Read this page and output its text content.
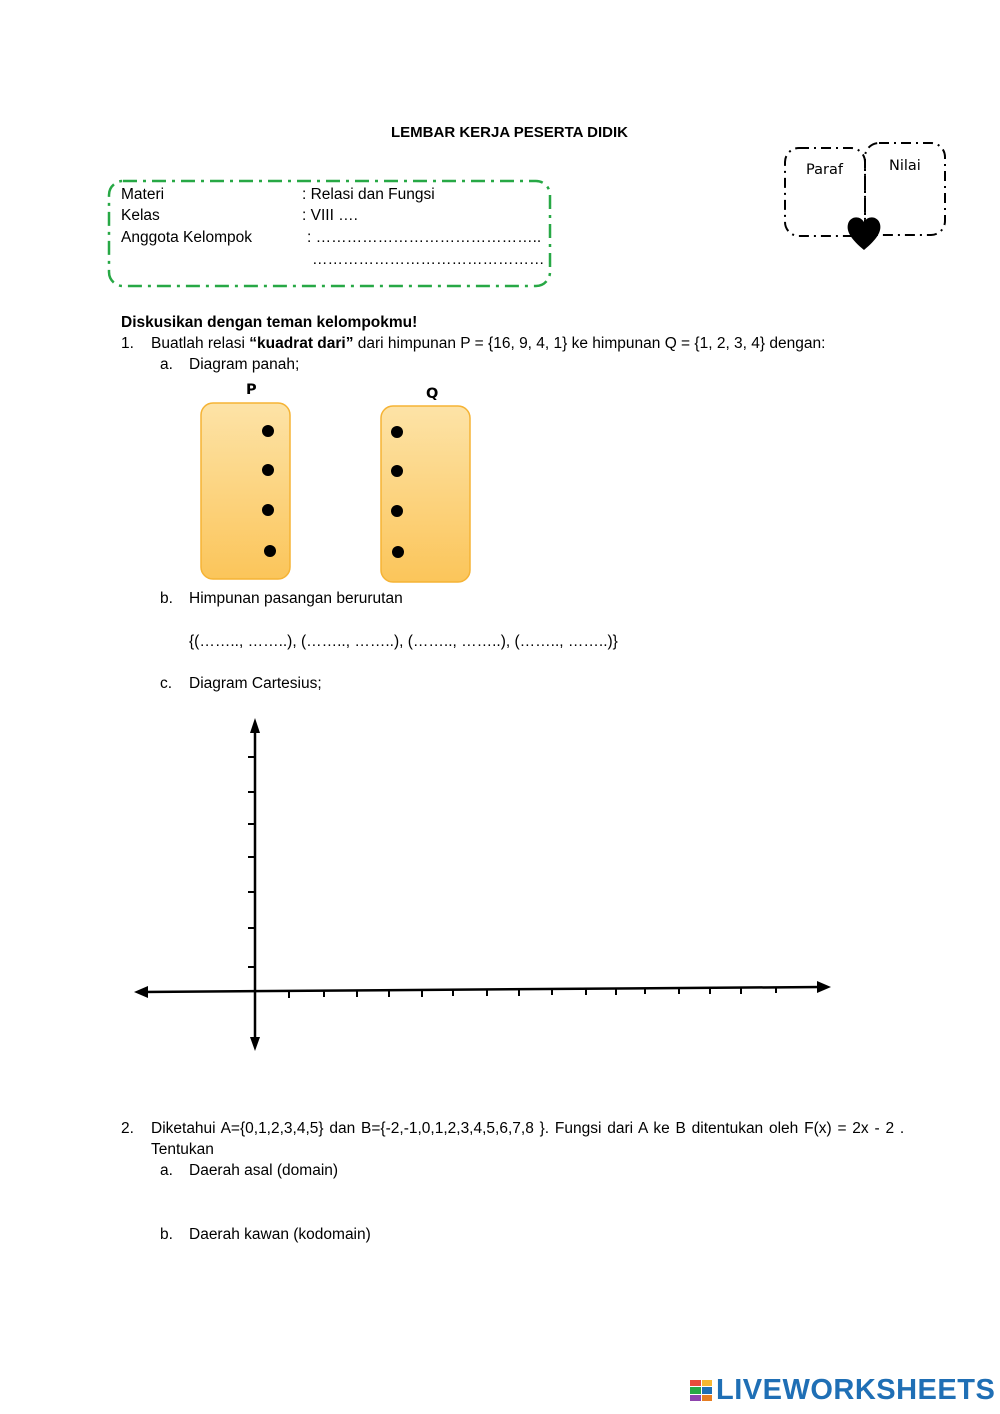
LEMBAR KERJA PESERTA DIDIK
Paraf	Nilai
Materi	: Relasi dan Fungsi
Kelas	: VIII ….
Anggota Kelompok	: ……………………………………..
………………………………………
Diskusikan dengan teman kelompokmu!
1. Buatlah relasi “kuadrat dari” dari himpunan P = {16, 9, 4, 1} ke himpunan Q = {1, 2, 3, 4} dengan:
a. Diagram panah;
P	Q
b. Himpunan pasangan berurutan
{(…….., ……..), (…….., ……..), (…….., ……..), (…….., ……..)}
c. Diagram Cartesius;
2. Diketahui A={0,1,2,3,4,5} dan B={-2,-1,0,1,2,3,4,5,6,7,8 }. Fungsi dari A ke B ditentukan oleh F(x) = 2x - 2 .
Tentukan
a. Daerah asal (domain)
b. Daerah kawan (kodomain)
LIVEWORKSHEETS
